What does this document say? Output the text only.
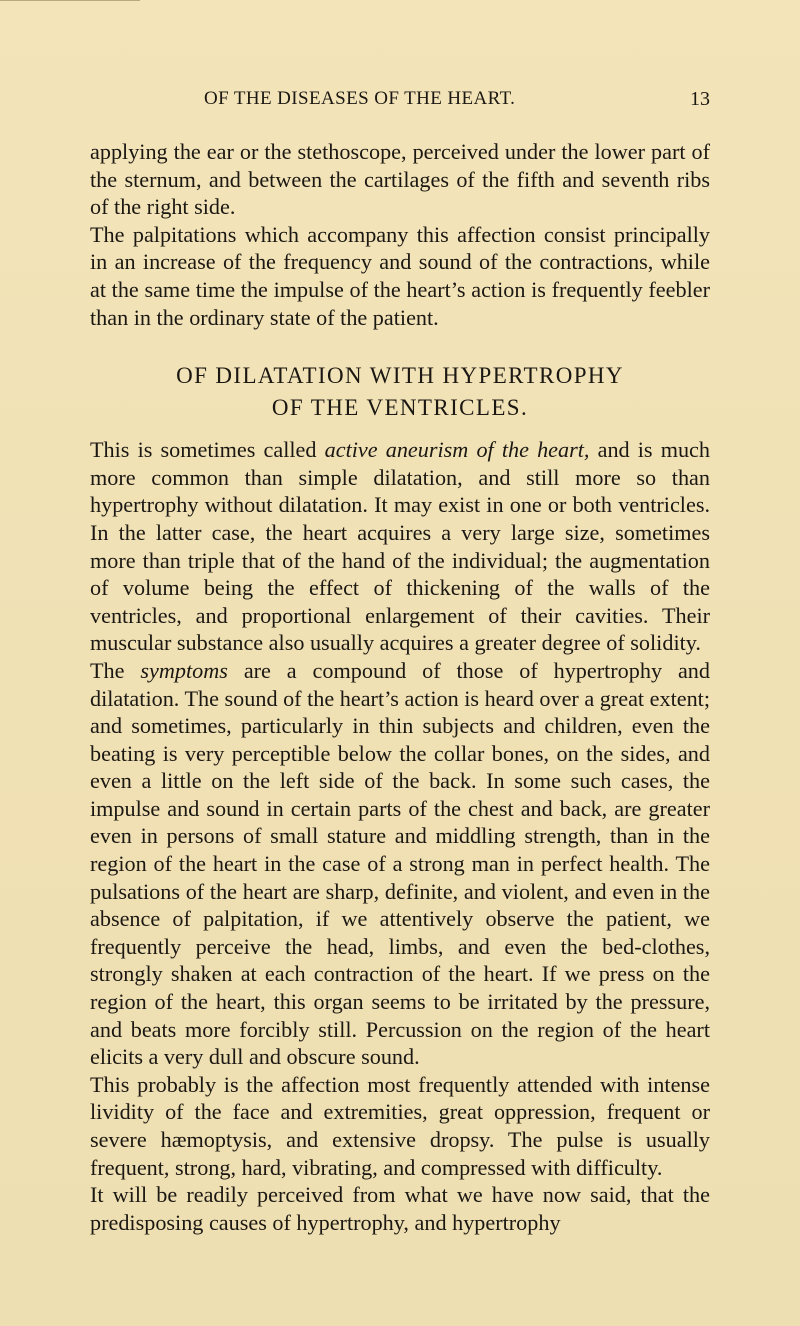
OF THE DISEASES OF THE HEART.	13

applying the ear or the stethoscope, perceived under the lower part of the sternum, and between the cartilages of the fifth and seventh ribs of the right side.

The palpitations which accompany this affection consist principally in an increase of the frequency and sound of the contractions, while at the same time the impulse of the heart’s action is frequently feebler than in the ordinary state of the patient.

OF DILATATION WITH HYPERTROPHY
OF THE VENTRICLES.

This is sometimes called active aneurism of the heart, and is much more common than simple dilatation, and still more so than hypertrophy without dilatation. It may exist in one or both ventricles. In the latter case, the heart acquires a very large size, sometimes more than triple that of the hand of the individual; the augmentation of volume being the effect of thickening of the walls of the ventricles, and proportional enlargement of their cavities. Their muscular substance also usually acquires a greater degree of solidity.

The symptoms are a compound of those of hypertrophy and dilatation. The sound of the heart’s action is heard over a great extent; and sometimes, particularly in thin subjects and children, even the beating is very perceptible below the collar bones, on the sides, and even a little on the left side of the back. In some such cases, the impulse and sound in certain parts of the chest and back, are greater even in persons of small stature and middling strength, than in the region of the heart in the case of a strong man in perfect health. The pulsations of the heart are sharp, definite, and violent, and even in the absence of palpitation, if we attentively observe the patient, we frequently perceive the head, limbs, and even the bed-clothes, strongly shaken at each contraction of the heart. If we press on the region of the heart, this organ seems to be irritated by the pressure, and beats more forcibly still. Percussion on the region of the heart elicits a very dull and obscure sound.

This probably is the affection most frequently attended with intense lividity of the face and extremities, great oppression, frequent or severe hæmoptysis, and extensive dropsy. The pulse is usually frequent, strong, hard, vibrating, and compressed with difficulty.

It will be readily perceived from what we have now said, that the predisposing causes of hypertrophy, and hypertrophy
